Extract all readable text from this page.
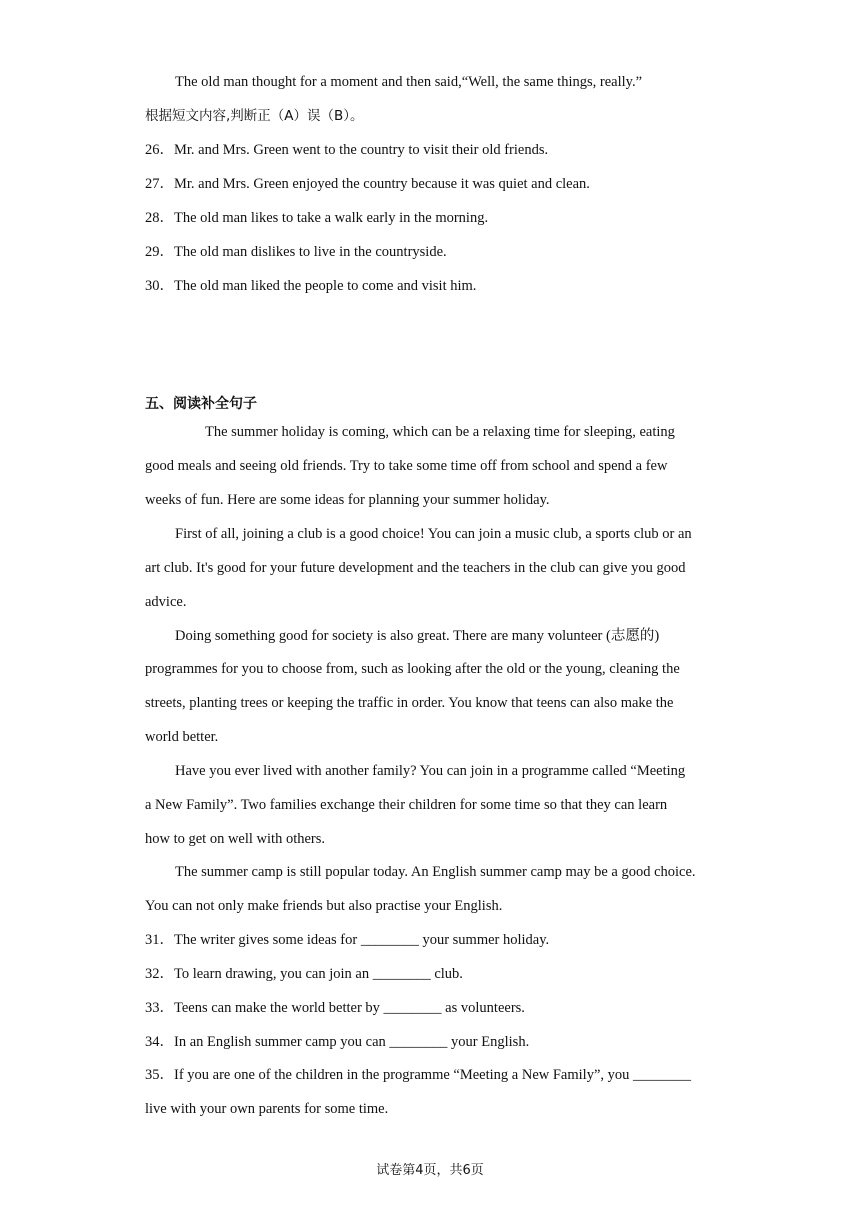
The old man thought for a moment and then said,“Well, the same things, really.”
根据短文内容,判断正（A）误（B）。
26．Mr. and Mrs. Green went to the country to visit their old friends.
27．Mr. and Mrs. Green enjoyed the country because it was quiet and clean.
28．The old man likes to take a walk early in the morning.
29．The old man dislikes to live in the countryside.
30．The old man liked the people to come and visit him.
五、阅读补全句子
The summer holiday is coming, which can be a relaxing time for sleeping, eating
good meals and seeing old friends. Try to take some time off from school and spend a few
weeks of fun. Here are some ideas for planning your summer holiday.
First of all, joining a club is a good choice! You can join a music club, a sports club or an
art club. It's good for your future development and the teachers in the club can give you good
advice.
Doing something good for society is also great. There are many volunteer (志愿的)
programmes for you to choose from, such as looking after the old or the young, cleaning the
streets, planting trees or keeping the traffic in order. You know that teens can also make the
world better.
Have you ever lived with another family? You can join in a programme called “Meeting
a New Family”. Two families exchange their children for some time so that they can learn
how to get on well with others.
The summer camp is still popular today. An English summer camp may be a good choice.
You can not only make friends but also practise your English.
31．The writer gives some ideas for ________ your summer holiday.
32．To learn drawing, you can join an ________ club.
33．Teens can make the world better by ________ as volunteers.
34．In an English summer camp you can ________ your English.
35．If you are one of the children in the programme “Meeting a New Family”, you ________
live with your own parents for some time.
试卷第4页，共6页
